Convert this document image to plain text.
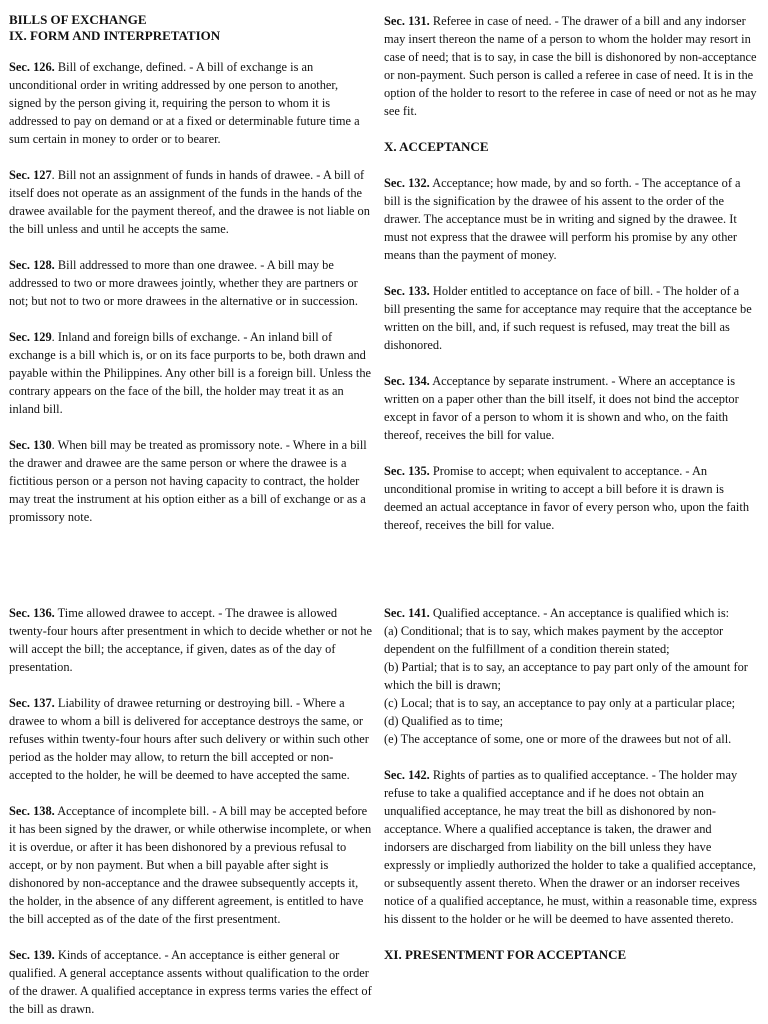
BILLS OF EXCHANGE
IX. FORM AND INTERPRETATION

Sec. 126. Bill of exchange, defined. - A bill of exchange is an unconditional order in writing addressed by one person to another, signed by the person giving it, requiring the person to whom it is addressed to pay on demand or at a fixed or determinable future time a sum certain in money to order or to bearer.

Sec. 127. Bill not an assignment of funds in hands of drawee. - A bill of itself does not operate as an assignment of the funds in the hands of the drawee available for the payment thereof, and the drawee is not liable on the bill unless and until he accepts the same.

Sec. 128. Bill addressed to more than one drawee. - A bill may be addressed to two or more drawees jointly, whether they are partners or not; but not to two or more drawees in the alternative or in succession.

Sec. 129. Inland and foreign bills of exchange. - An inland bill of exchange is a bill which is, or on its face purports to be, both drawn and payable within the Philippines. Any other bill is a foreign bill. Unless the contrary appears on the face of the bill, the holder may treat it as an inland bill.

Sec. 130. When bill may be treated as promissory note. - Where in a bill the drawer and drawee are the same person or where the drawee is a fictitious person or a person not having capacity to contract, the holder may treat the instrument at his option either as a bill of exchange or as a promissory note.

Sec. 131. Referee in case of need. - The drawer of a bill and any indorser may insert thereon the name of a person to whom the holder may resort in case of need; that is to say, in case the bill is dishonored by non-acceptance or non-payment. Such person is called a referee in case of need. It is in the option of the holder to resort to the referee in case of need or not as he may see fit.

X. ACCEPTANCE

Sec. 132. Acceptance; how made, by and so forth. - The acceptance of a bill is the signification by the drawee of his assent to the order of the drawer. The acceptance must be in writing and signed by the drawee. It must not express that the drawee will perform his promise by any other means than the payment of money.

Sec. 133. Holder entitled to acceptance on face of bill. - The holder of a bill presenting the same for acceptance may require that the acceptance be written on the bill, and, if such request is refused, may treat the bill as dishonored.

Sec. 134. Acceptance by separate instrument. - Where an acceptance is written on a paper other than the bill itself, it does not bind the acceptor except in favor of a person to whom it is shown and who, on the faith thereof, receives the bill for value.

Sec. 135. Promise to accept; when equivalent to acceptance. - An unconditional promise in writing to accept a bill before it is drawn is deemed an actual acceptance in favor of every person who, upon the faith thereof, receives the bill for value.

Sec. 136. Time allowed drawee to accept. - The drawee is allowed twenty-four hours after presentment in which to decide whether or not he will accept the bill; the acceptance, if given, dates as of the day of presentation.

Sec. 137. Liability of drawee returning or destroying bill. - Where a drawee to whom a bill is delivered for acceptance destroys the same, or refuses within twenty-four hours after such delivery or within such other period as the holder may allow, to return the bill accepted or non-accepted to the holder, he will be deemed to have accepted the same.

Sec. 138. Acceptance of incomplete bill. - A bill may be accepted before it has been signed by the drawer, or while otherwise incomplete, or when it is overdue, or after it has been dishonored by a previous refusal to accept, or by non payment. But when a bill payable after sight is dishonored by non-acceptance and the drawee subsequently accepts it, the holder, in the absence of any different agreement, is entitled to have the bill accepted as of the date of the first presentment.

Sec. 139. Kinds of acceptance. - An acceptance is either general or qualified. A general acceptance assents without qualification to the order of the drawer. A qualified acceptance in express terms varies the effect of the bill as drawn.

Sec. 141. Qualified acceptance. - An acceptance is qualified which is:
(a) Conditional; that is to say, which makes payment by the acceptor dependent on the fulfillment of a condition therein stated;
(b) Partial; that is to say, an acceptance to pay part only of the amount for which the bill is drawn;
(c) Local; that is to say, an acceptance to pay only at a particular place;
(d) Qualified as to time;
(e) The acceptance of some, one or more of the drawees but not of all.

Sec. 142. Rights of parties as to qualified acceptance. - The holder may refuse to take a qualified acceptance and if he does not obtain an unqualified acceptance, he may treat the bill as dishonored by non-acceptance. Where a qualified acceptance is taken, the drawer and indorsers are discharged from liability on the bill unless they have expressly or impliedly authorized the holder to take a qualified acceptance, or subsequently assent thereto. When the drawer or an indorser receives notice of a qualified acceptance, he must, within a reasonable time, express his dissent to the holder or he will be deemed to have assented thereto.

XI. PRESENTMENT FOR ACCEPTANCE
